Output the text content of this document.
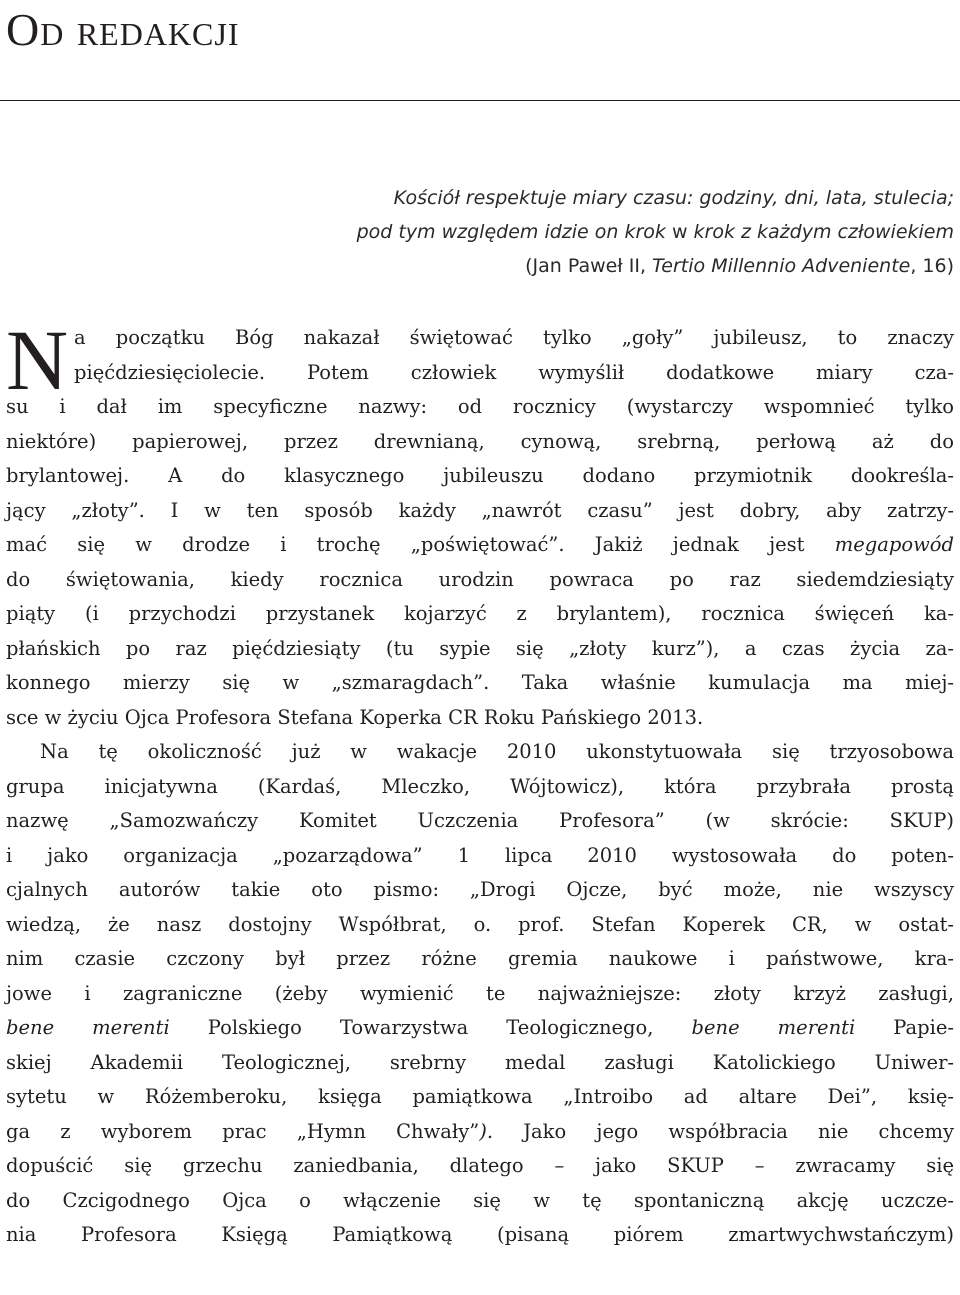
Od redakcji
Kościół respektuje miary czasu: godziny, dni, lata, stulecia;
pod tym względem idzie on krok w krok z każdym człowiekiem
(Jan Paweł II, Tertio Millennio Adveniente, 16)
N a początku Bóg nakazał świętować tylko „goły” jubileusz, to znaczy
pięćdziesięciolecie. Potem człowiek wymyślił dodatkowe miary cza-
su i dał im specyficzne nazwy: od rocznicy (wystarczy wspomnieć tylko
niektóre) papierowej, przez drewnianą, cynową, srebrną, perłową aż do
brylantowej. A do klasycznego jubileuszu dodano przymiotnik dookreśla-
jący „złoty”. I w ten sposób każdy „nawrót czasu” jest dobry, aby zatrzy-
mać się w drodze i trochę „poświętować”. Jakiż jednak jest megapowód
do świętowania, kiedy rocznica urodzin powraca po raz siedemdziesiąty
piąty (i przychodzi przystanek kojarzyć z brylantem), rocznica święceń ka-
płańskich po raz pięćdziesiąty (tu sypie się „złoty kurz”), a czas życia za-
konnego mierzy się w „szmaragdach”. Taka właśnie kumulacja ma miej-
sce w życiu Ojca Profesora Stefana Koperka CR Roku Pańskiego 2013.
Na tę okoliczność już w wakacje 2010 ukonstytuowała się trzyosobowa
grupa inicjatywna (Kardaś, Mleczko, Wójtowicz), która przybrała prostą
nazwę „Samozwańczy Komitet Uczczenia Profesora” (w skrócie: SKUP)
i jako organizacja „pozarządowa” 1 lipca 2010 wystosowała do poten-
cjalnych autorów takie oto pismo: „Drogi Ojcze, być może, nie wszyscy
wiedzą, że nasz dostojny Współbrat, o. prof. Stefan Koperek CR, w ostat-
nim czasie czczony był przez różne gremia naukowe i państwowe, kra-
jowe i zagraniczne (żeby wymienić te najważniejsze: złoty krzyż zasługi,
bene merenti Polskiego Towarzystwa Teologicznego, bene merenti Papie-
skiej Akademii Teologicznej, srebrny medal zasługi Katolickiego Uniwer-
sytetu w Różemberoku, księga pamiątkowa „Introibo ad altare Dei”, księ-
ga z wyborem prac „Hymn Chwały”). Jako jego współbracia nie chcemy
dopuścić się grzechu zaniedbania, dlatego – jako SKUP – zwracamy się
do Czcigodnego Ojca o włączenie się w tę spontaniczną akcję uczcze-
nia Profesora Księgą Pamiątkową (pisaną piórem zmartwychwstańczym)
